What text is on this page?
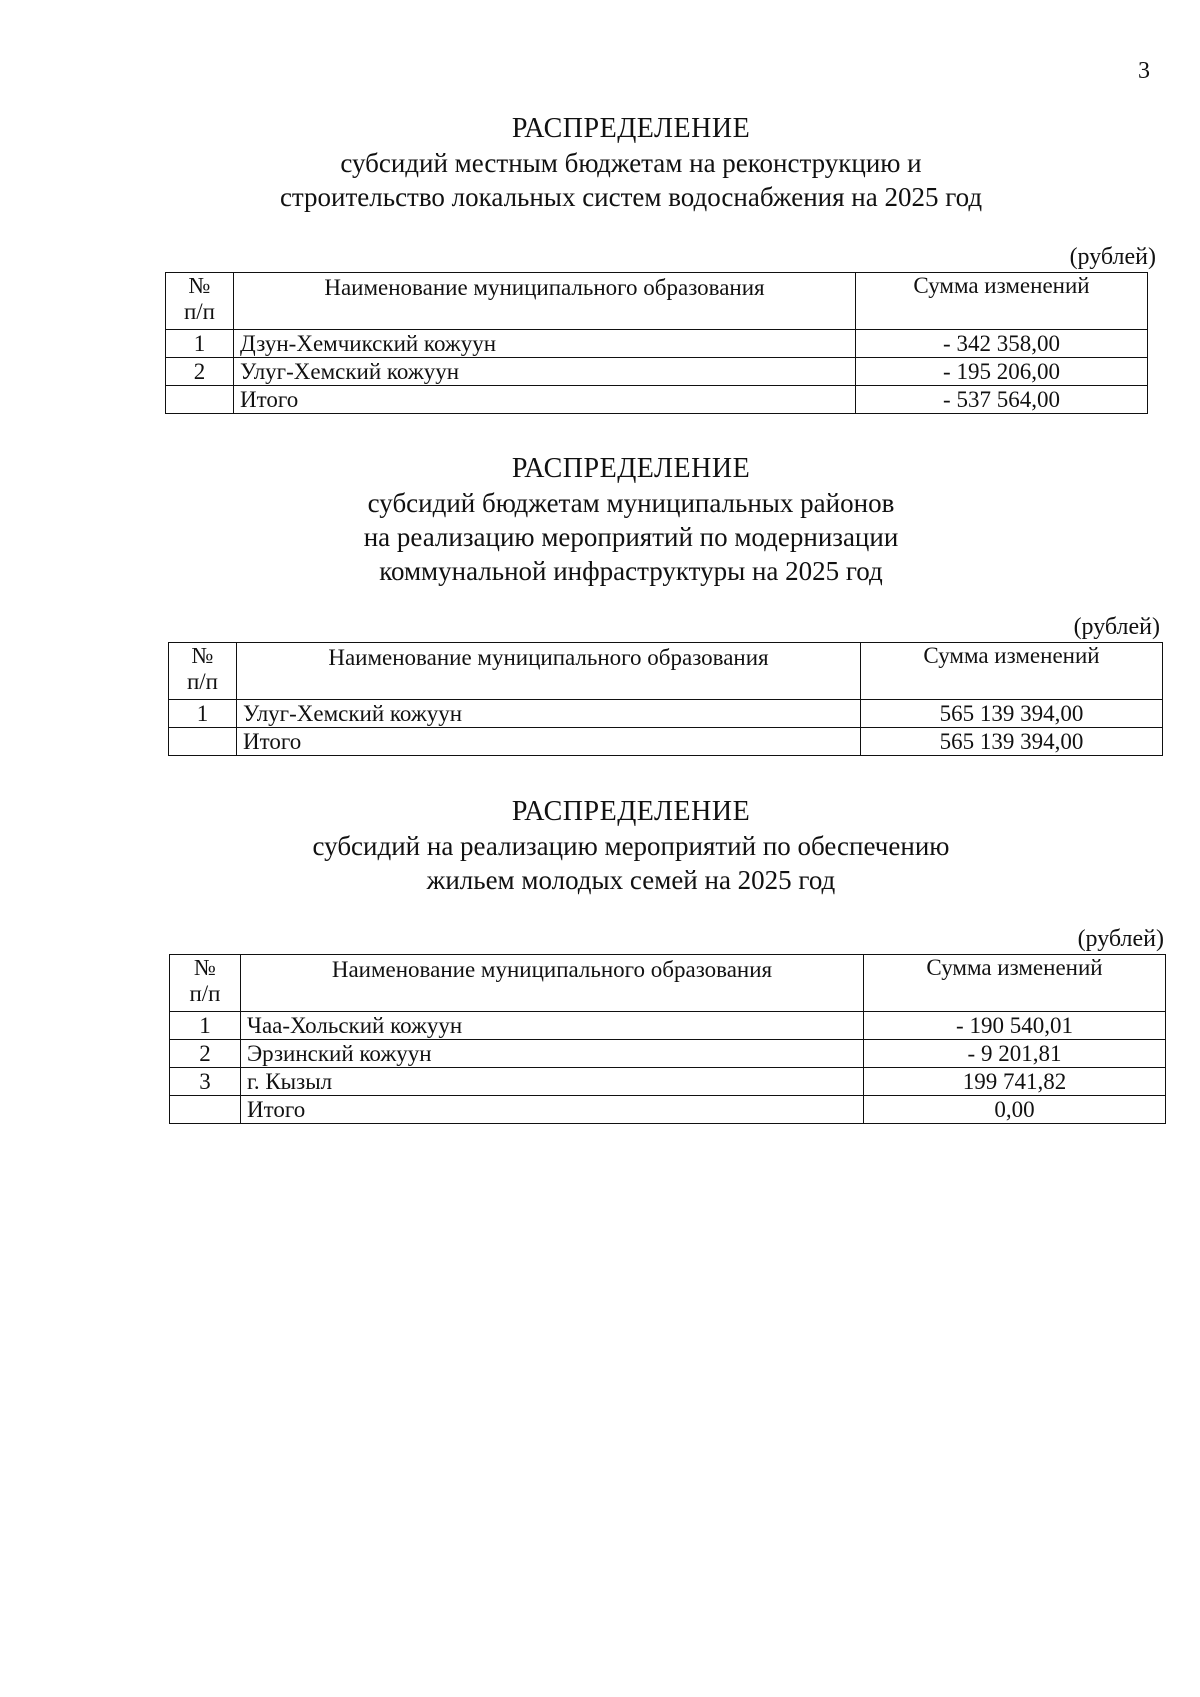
3
РАСПРЕДЕЛЕНИЕ
субсидий местным бюджетам на реконструкцию и
строительство локальных систем водоснабжения на 2025 год
(рублей)
№
п/п	Наименование муниципального образования	Сумма изменений
1	Дзун-Хемчикский кожуун	- 342 358,00
2	Улуг-Хемский кожуун	- 195 206,00
	Итого	- 537 564,00
РАСПРЕДЕЛЕНИЕ
субсидий бюджетам муниципальных районов
на реализацию мероприятий по модернизации
коммунальной инфраструктуры на 2025 год
(рублей)
№
п/п	Наименование муниципального образования	Сумма изменений
1	Улуг-Хемский кожуун	565 139 394,00
	Итого	565 139 394,00
РАСПРЕДЕЛЕНИЕ
субсидий на реализацию мероприятий по обеспечению
жильем молодых семей на 2025 год
(рублей)
№
п/п	Наименование муниципального образования	Сумма изменений
1	Чаа-Хольский кожуун	- 190 540,01
2	Эрзинский кожуун	- 9 201,81
3	г. Кызыл	199 741,82
	Итого	0,00
